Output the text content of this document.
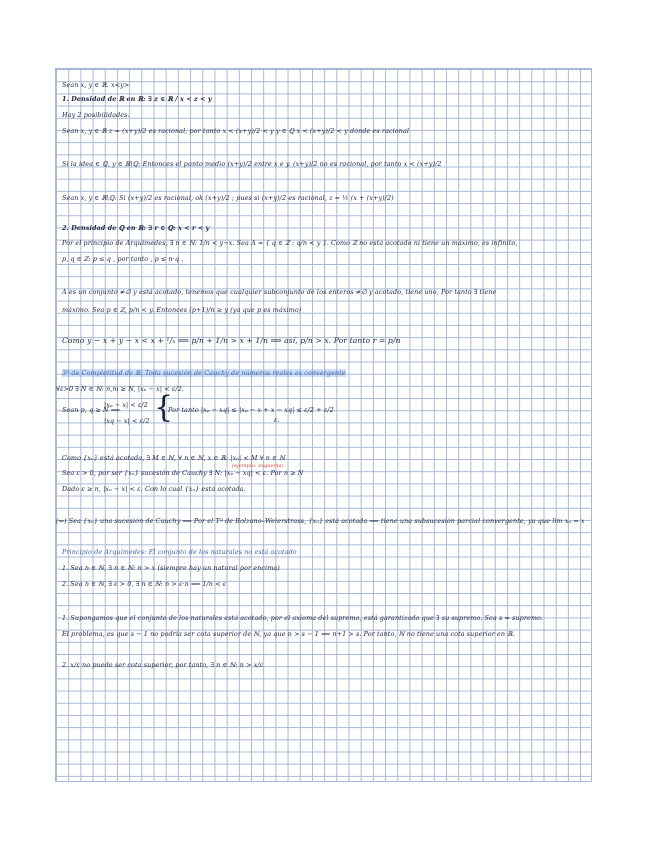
Sean x, y ∈ ℝ. x<y>
1. Densidad de ℝ en ℝ: ∃ z ∈ ℝ / x < z < y
Hay 2 posibilidades.
Sean x, y ∈ ℝ z = (x+y)/2 es racional, por tanto x < (x+y)/2 < y y ∈ ℚ x < (x+y)/2 < y dónde es racional
Si la idea ∈ ℚ, y ∈ ℝ\ℚ: Entonces el punto medio (x+y)/2 entre x e y. (x+y)/2 no es racional, por tanto x < (x+y)/2
Sean x, y ∈ ℝ\ℚ: Si (x+y)/2 es racional, ok (x+y)/2 ; pues si (x+y)/2 es racional, z = ½ (x + (x+y)/2)
2. Densidad de ℚ en ℝ: ∃ r ∈ ℚ: x < r < y
Por el principio de Arquímedes, ∃ n ∈ ℕ: 1/n < y−x. Sea A = { q ∈ ℤ : q/n < y }. Como ℤ no está acotado ni tiene un máximo, es infinito,
p, q ∈ ℤ: p ≤ q , por tanto , p ≤ n·q .
A es un conjunto ≠∅ y está acotado, tenemos que cualquier subconjunto de los enteros ≠∅ y acotado, tiene uno, Por tanto ∃ tiene
máximo. Sea p ∈ ℤ, p/n < y. Entonces (p+1)/n ≥ y (ya que p es máximo)
Como y − x + y − x < x + ¹/ₙ ⟹ p/n + 1/n > x + 1/n ⟹ así, p/n > x. Por tanto r = p/n
3ª de Completitud de ℝ: Toda sucesión de Cauchy de números reales es convergente
∀ε>0 ∃ N ∈ ℕ: n,m ≥ N, |xₙ − x| < ε/2.
Sean p, q ≥ N ⟹
|xₚ − x| < ε/2
|xq − x| < ε/2 {
Por tanto |xₚ − xq| ≤ |xₚ − x + x − xq| ≤ ε/2 + ε/2
ε.
Como {xₙ} está acotada, ∃ M ∈ ℕ, ∀ n ∈ ℕ, x ∈ ℝ: |xₙ| < M ∀ n ∈ ℕ
(ejemplo: esquema)
Sea ε > 0, por ser {xₙ} sucesión de Cauchy ∃ N: |xₚ − xq| < ε. Por n ≥ N
Dado ε ≥ n, |xₙ − x| < ε. Con lo cual {xₙ} está acotada.
(⇐) Sea {xₙ} una sucesión de Cauchy ⟹ Por el Tª de Bolzano–Weierstrass, {xₙ} está acotada ⟹ tiene una subsucesión parcial convergente, ya que lim xₙ = x
Principio de Arquímedes: El conjunto de los naturales no está acotado
1. Sea n ∈ ℕ, ∃ n ∈ ℕ: n > x (siempre hay un natural por encima)
2. Sea n ∈ ℕ, ∃ ε > 0, ∃ n ∈ ℕ: n > ε·n ⟹ 1/n < ε
1. Supongamos que el conjunto de los naturales está acotado, por el axioma del supremo, está garantizado que ∃ su supremo. Sea s = supremo.
El problema, es que s − 1 no podría ser cota superior de ℕ, ya que n > s − 1 ⟹ n+1 > s. Por tanto, ℕ no tiene una cota superior en ℝ.
2. x/ε no puede ser cota superior, por tanto, ∃ n ∈ ℕ: n > x/ε
